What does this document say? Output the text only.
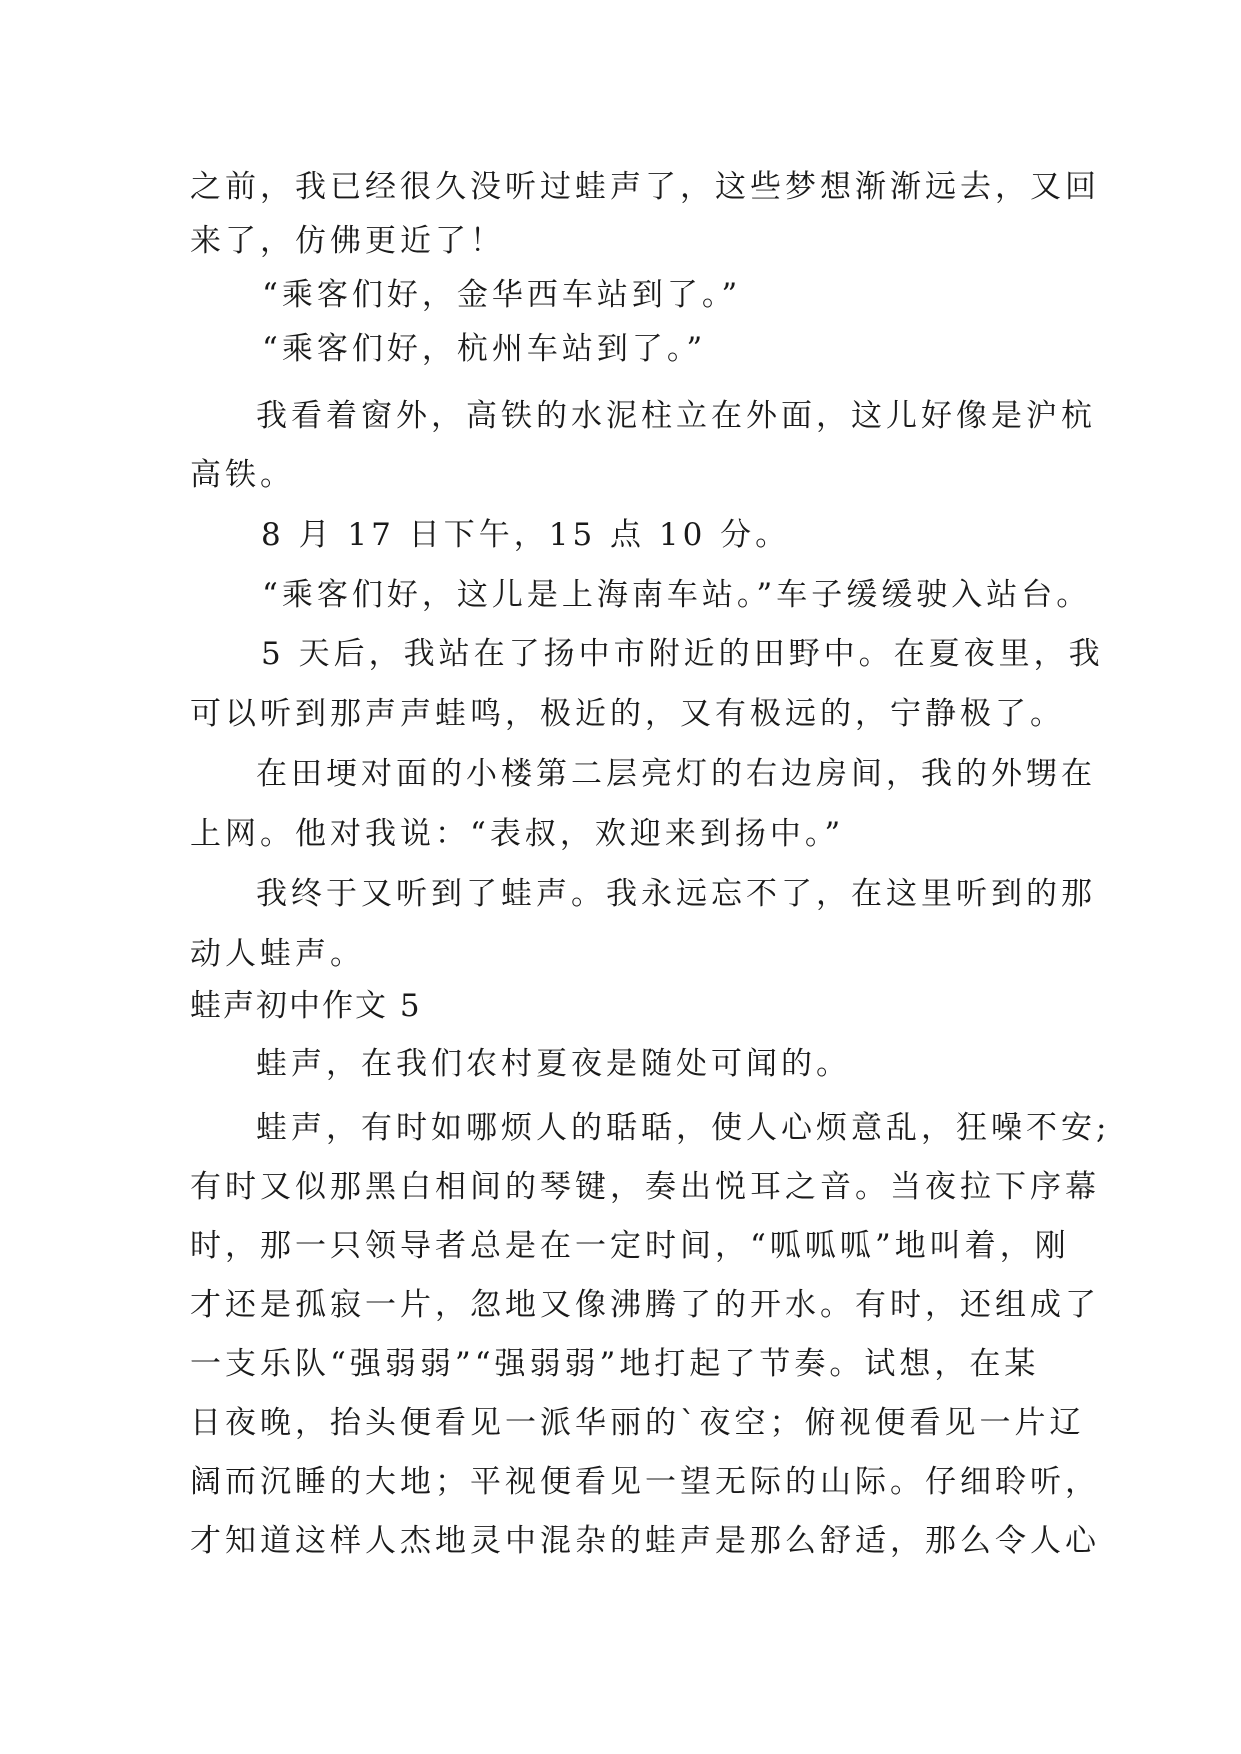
之前，我已经很久没听过蛙声了，这些梦想渐渐远去，又回
来了，仿佛更近了！
“乘客们好，金华西车站到了。”
“乘客们好，杭州车站到了。”
我看着窗外，高铁的水泥柱立在外面，这儿好像是沪杭
高铁。
8 月 17 日下午，15 点 10 分。
“乘客们好，这儿是上海南车站。”车子缓缓驶入站台。
5 天后，我站在了扬中市附近的田野中。在夏夜里，我
可以听到那声声蛙鸣，极近的，又有极远的，宁静极了。
在田埂对面的小楼第二层亮灯的右边房间，我的外甥在
上网。他对我说：“表叔，欢迎来到扬中。”
我终于又听到了蛙声。我永远忘不了，在这里听到的那
动人蛙声。
蛙声初中作文 5
蛙声，在我们农村夏夜是随处可闻的。
蛙声，有时如哪烦人的聒聒，使人心烦意乱，狂噪不安;
有时又似那黑白相间的琴键，奏出悦耳之音。当夜拉下序幕
时，那一只领导者总是在一定时间，“呱呱呱”地叫着，刚
才还是孤寂一片，忽地又像沸腾了的开水。有时，还组成了
一支乐队“强弱弱”“强弱弱”地打起了节奏。试想，在某
日夜晚，抬头便看见一派华丽的`夜空；俯视便看见一片辽
阔而沉睡的大地；平视便看见一望无际的山际。仔细聆听，
才知道这样人杰地灵中混杂的蛙声是那么舒适，那么令人心
